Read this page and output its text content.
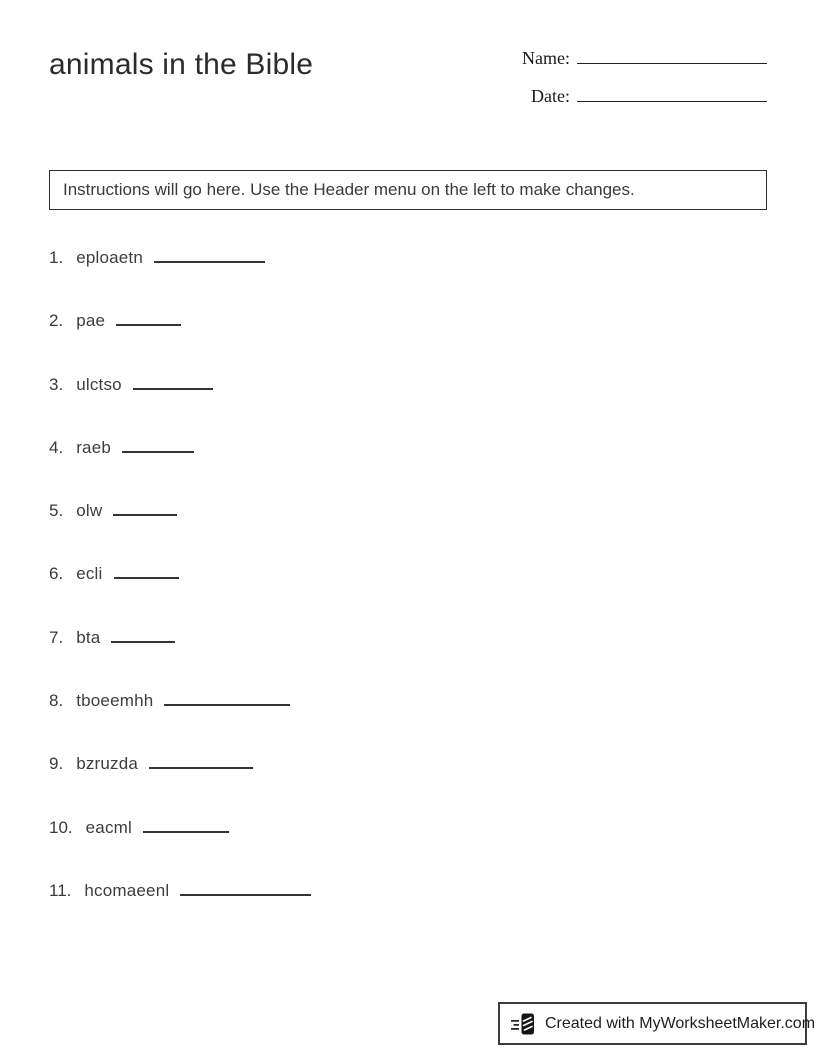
animals in the Bible	Name:
Date:
Instructions will go here. Use the Header menu on the left to make changes.
1. eploaetn
2. pae
3. ulctso
4. raeb
5. olw
6. ecli
7. bta
8. tboeemhh
9. bzruzda
10. eacml
11. hcomaeenl
Created with MyWorksheetMaker.com
